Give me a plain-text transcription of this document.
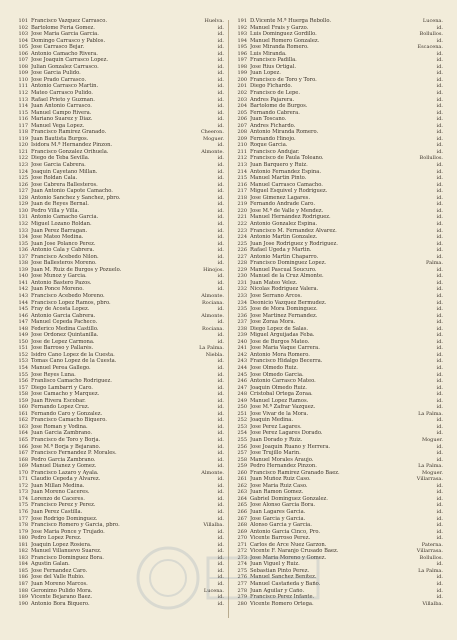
101 Francisco Vazquez Carrasco.	Huelva.
102 Bartolome Feria Gomez.	id.
103 Jose Maria Garcia Garcia.	id.
104 Domingo Carrasco y Pablos.	id.
105 Jose Carrasco Bejar.	id.
106 Antonio Camacho Rivera.	id.
107 Jose Joaquin Carrasco Lopez.	id.
108 Julian Gonzalez Carrasco.	id.
109 Jose Garcia Pulido.	id.
110 Jose Prado Carrasco.	id.
111 Antonio Carrasco Martin.	id.
112 Mateo Carrasco Pulido.	id.
113 Rafael Prieto y Guzman.	id.
114 Juan Antonio Carrasco.	id.
115 Manuel Campo Rivera.	id.
116 Mariano Suarez y Diaz.	id.
117 Manuel Vega Lopez.	id.
118 Francisco Ramirez Granado.	Cheeron.
119 Juan Bautista Burgos.	Moguer.
120 Isidora M.ª Hernandez Pinzon.	id.
121 Francisco Gonzalez Orihuela.	Almonte.
122 Diego de Teba Sevilla.	id.
123 Jose Garcia Cabrera.	id.
124 Joaquin Cayetano Millan.	id.
125 Jose Roldan Cala.	id.
126 Jose Cabrera Ballesteros.	id.
127 Juan Antonio Capote Camacho.	id.
128 Antonio Sanchez y Sanchez, pbro.	id.
129 Juan de Reyes Bernal.	id.
130 Pedro Villa y Villa.	id.
131 Antonio Camacho Garcia.	id.
132 Miguel Lozano Roldan.	id.
133 Juan Perez Barragan.	id.
134 Jose Mateo Medina.	id.
135 Juan Jose Polanco Perez.	id.
136 Antonio Cala y Cabrera.	id.
137 Francisco Acebedo Nilon.	id.
138 Jose Ballesteros Moreno.	id.
139 Juan M. Ruiz de Burgos y Pozuelo.	Hinojos.
140 Jose Munoz y Garcia.	id.
141 Antonio Bastero Pazos.	id.
142 Juan Ponce Moreno.	id.
143 Francisco Acebedo Moreno.	Almonte.
144 Francisco Lopez Ramos, pbro.	Rociana.
145 Fray de Acosta Lopez.	id.
146 Antonio Garcia Cabrera.	Almonte.
147 Manuel Cepeda Pacheco.	id.
148 Federico Medina Castillo.	Rociana.
149 Jose Ordonez Quintanilla.	id.
150 Jose de Lepez Carmona.	id.
151 Jose Barroso y Pallarés.	La Palma.
152 Isidro Cano Lopez de la Cuesta.	Niebla.
153 Tomas Cano Lopez de la Cuesta.	id.
154 Manuel Perea Gallego.	id.
155 Jose Reyes Luna.	id.
156 Franlisco Camacho Rodriguez.	id.
157 Diego Lambarri y Caro.	id.
158 Jose Camacho y Marquez.	id.
159 Juan Rivera Escobar.	id.
160 Fernando Lopez Cruz.	id.
161 Fernando Caro y Gonzalez.	id.
162 Francisco Camacho Biquero.	id.
163 Jose Roman y Vodina.	id.
164 Juan Garcia Zambrano.	id.
165 Francisco de Toro y Borja.	id.
166 Jose M.ª Borja y Bejarano.	id.
167 Francisco Fernandez P. Morales.	id.
168 Pedro Garcia Zambrano.	id.
169 Manuel Dianez y Gomez.	id.
170 Francisco Lazaro y Ayala.	Almonte.
171 Claudio Cepeda y Alvarez.	id.
172 Juan Millan Medina.	id.
173 Juan Moreno Caceres.	id.
174 Lorenzo de Caceres.	id.
175 Francisco Perez y Perez.	id.
176 Juan Perez Castilla.	id.
177 Jose Rodrigo Dominguez.	id.
178 Francisco Romero y Garcia, pbro.	Villalba.
179 Jose Maria Ponce y Trujado.	id.
180 Pedro Lopez Perez.	id.
181 Joaquin Lopez Rosiera.	id.
182 Manuel Villanuevo Suarez.	id.
183 Francisco Dominguez Bora.	id.
184 Agustin Galan.	id.
185 Jose Fernandez Caro.	id.
186 Jose del Valle Rubio.	id.
187 Juan Moreno Marcos.	id.
188 Geronimo Pulido Mora.	Lucena.
189 Vicente Bejarano Baez.	id.
190 Antonio Bora Biquero.	id.
191 D.Vicente M.ª Huerga Rebollo.	Lucena.
192 Manuel Frais y Garzo.	id.
193 Luis Dominguez Gordillo.	Bollullos.
194 Manuel Romero Gonzalez.	id.
195 Jose Miranda Romero.	Escacena.
196 Luis Miranda.	id.
197 Francisco Padilla.	id.
198 Jose Rius Ortigal.	id.
199 Juan Lopez.	id.
200 Francisco de Toro y Toro.	id.
201 Diego Fichardo.	id.
202 Francisco de Lepe.	id.
203 Andres Pajarera.	id.
204 Bartolome de Burgos.	id.
205 Fernando Cabrera.	id.
206 Juan Toscano.	id.
207 Andres Fichardo.	id.
208 Antonio Miranda Romero.	id.
209 Fernando Hinojo.	id.
210 Roque Garcia.	id.
211 Francisco Andujar.	id.
212 Francisco de Paula Toleano.	Bollullos.
213 Juan Barquero y Ruiz.	id.
214 Antonio Fernandez Espina.	id.
215 Manuel Martin Pinto.	id.
216 Manuel Carrasco Camacho.	id.
217 Miguel Esquivel y Rodriguez.	id.
218 Jose Gimenez Lagares.	id.
219 Fernando Andrade Caro.	id.
220 Jose M.ª de Valle y Mendez.	id.
221 Manuel Hernández Rodriguez.	id.
222 Antonio Gonzalez Espina.	id.
223 Francisco M. Fernandez Alvarez.	id.
224 Antonio Martin Gonzalez.	id.
225 Juan Jose Rodriguez y Rodriguez.	id.
226 Rafael Ugeda y Martin.	id.
227 Antonio Martin Chaparro.	id.
228 Francisco Dominguez Lopez.	Palma.
229 Manuel Pascual Soucuro.	id.
230 Manuel de la Cruz Almonte.	id.
231 Juan Mateo Velez.	id.
232 Nicolas Rodriguez Valera.	id.
233 Jose Serrano Arcos.	id.
234 Deonicio Vazquez Bermudez.	id.
235 Jose de Mora Dominguez.	id.
236 Jose Martinez Fernandez.	id.
237 Jose Zoraa Mora.	id.
238 Diego Lopez de Salas.	id.
239 Miguel Arguijadas Feba.	id.
240 Jose de Burgos Mateo.	id.
241 Jose Maria Vaque Carrera.	id.
242 Antonio Mora Romero.	id.
243 Francisco Hidalgo Becerra.	id.
244 Jose Olmedo Ruiz.	id.
245 Jose Olmedo Garcia.	id.
246 Antonio Carrasco Mateo.	id.
247 Joaquin Olmedo Ruiz.	id.
248 Cristobal Ortega Zoraa.	id.
249 Manuel Lopez Ramos.	id.
250 Jose M.ª Zafrar Vazquez.	id.
251 Jose Vivar de la Mora.	La Palma.
252 Joaquin Medina.	id.
253 Jose Perez Lagares.	id.
254 Jose Perez Lagares Dorado.	id.
255 Juan Dorado y Ruiz.	Moguer.
256 Jose Joaquin Ruano y Herrera.	id.
257 Jose Trujillo Marin.	id.
258 Manuel Morales Araujo.	id.
259 Pedro Hernandez Pinzon.	La Palma.
260 Francisco Ramirez Granado Baez.	Moguer.
261 Juan Muñoz Ruiz Caso.	Villarrasa.
262 Jose Maria Ruiz Caso.	id.
263 Juan Ramon Gomez.	id.
264 Gabriel Dominguez Gonzalez.	id.
265 Jose Alonso Garcia Bora.	id.
266 Juan Lagares Garcia.	id.
267 Jose Garcia y Garcia.	id.
268 Alonso Garcia y Garcia.	id.
269 Antonio Garcia Cinco, Pro.	id.
270 Vicente Barroso Perez.	id.
271 Carlos de Arce Nuez Garzon.	Paterna.
272 Vicente F. Naranjo Crusado Baez.	Villarrasa.
273 Jose Maria Moreno y Gomez.	Bollullos.
274 Juan Viguel y Ruiz.	id.
275 Sebastian Pinto Perez.	La Palma.
276 Manuel Sanchez Benitez.	id.
277 Manuel Castañeda y Baño.	id.
278 Juan Aguilar y Caño.	id.
279 Francisco Perez Infante.	id.
280 Vicente Romero Ortega.	Villalba.
